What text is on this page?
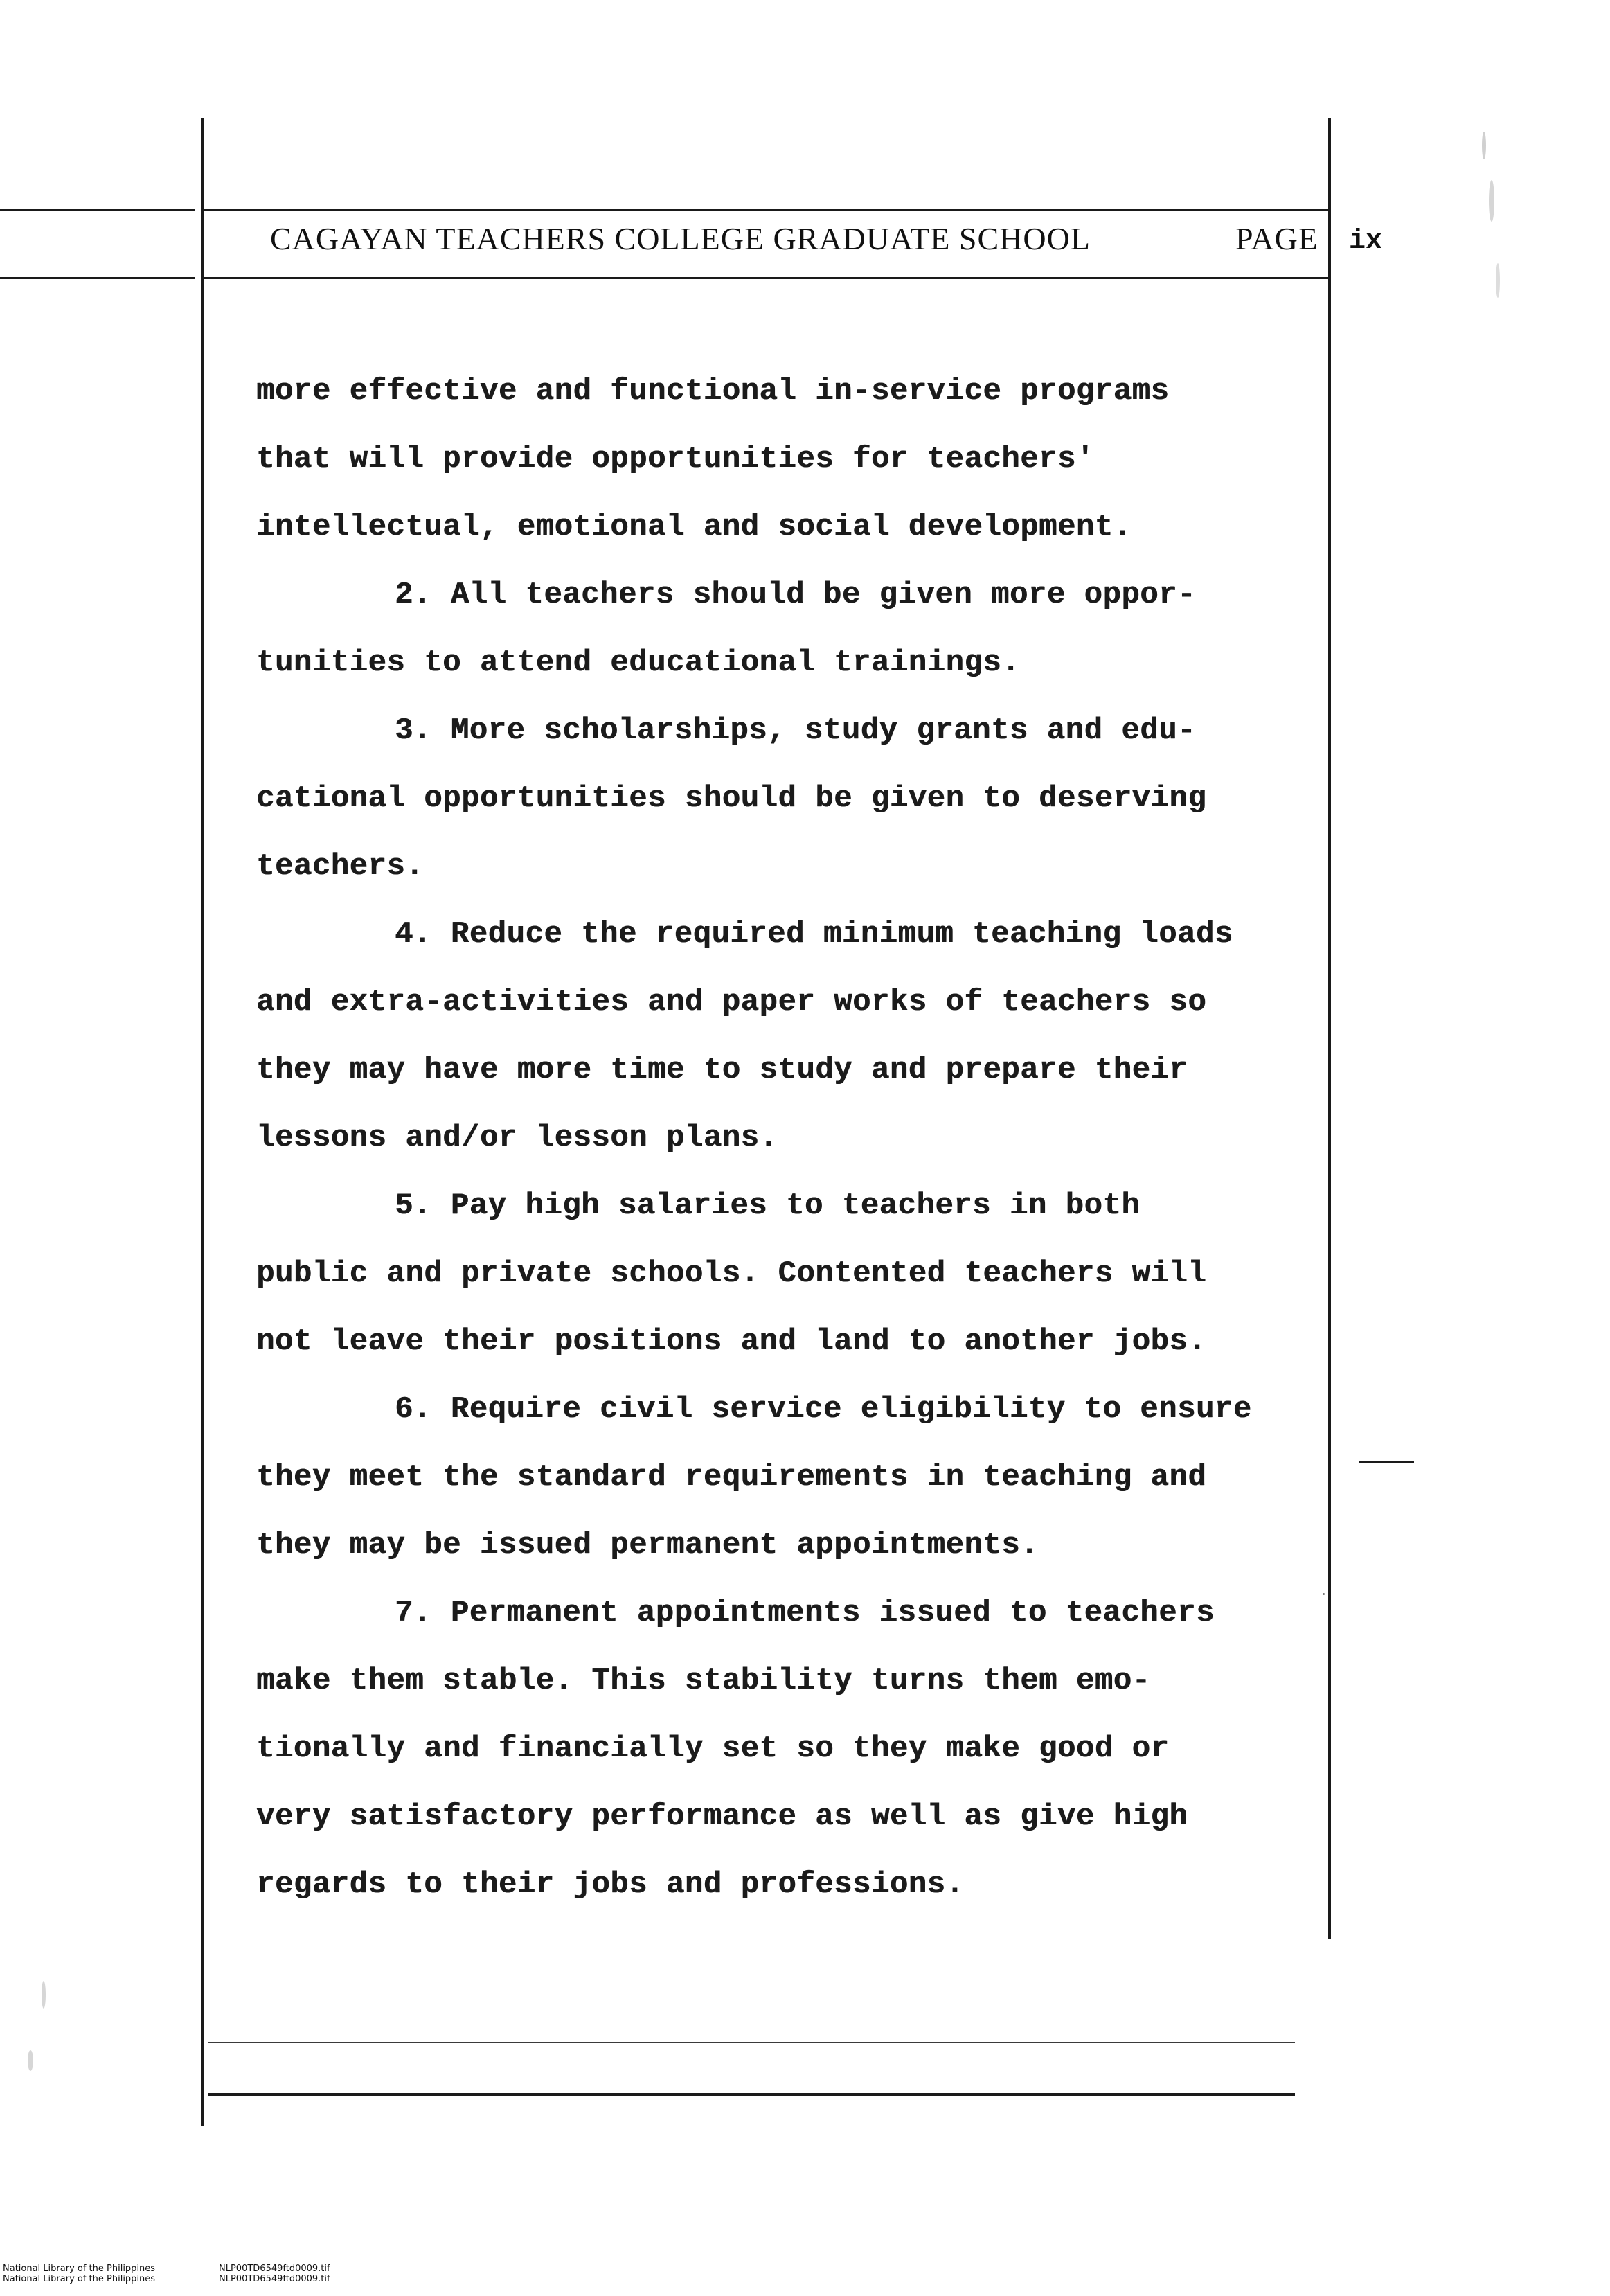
CAGAYAN TEACHERS COLLEGE GRADUATE SCHOOL	PAGE ix
more effective and functional in-service programs
that will provide opportunities for teachers'
intellectual, emotional and social development.
2. All teachers should be given more oppor-
tunities to attend educational trainings.
3. More scholarships, study grants and edu-
cational opportunities should be given to deserving
teachers.
4. Reduce the required minimum teaching loads
and extra-activities and paper works of teachers so
they may have more time to study and prepare their
lessons and/or lesson plans.
5. Pay high salaries to teachers in both
public and private schools. Contented teachers will
not leave their positions and land to another jobs.
6. Require civil service eligibility to ensure
they meet the standard requirements in teaching and
they may be issued permanent appointments.
7. Permanent appointments issued to teachers
make them stable. This stability turns them emo-
tionally and financially set so they make good or
very satisfactory performance as well as give high
regards to their jobs and professions.
National Library of the Philippines
National Library of the Philippines
NLP00TD6549ftd0009.tif
NLP00TD6549ftd0009.tif
